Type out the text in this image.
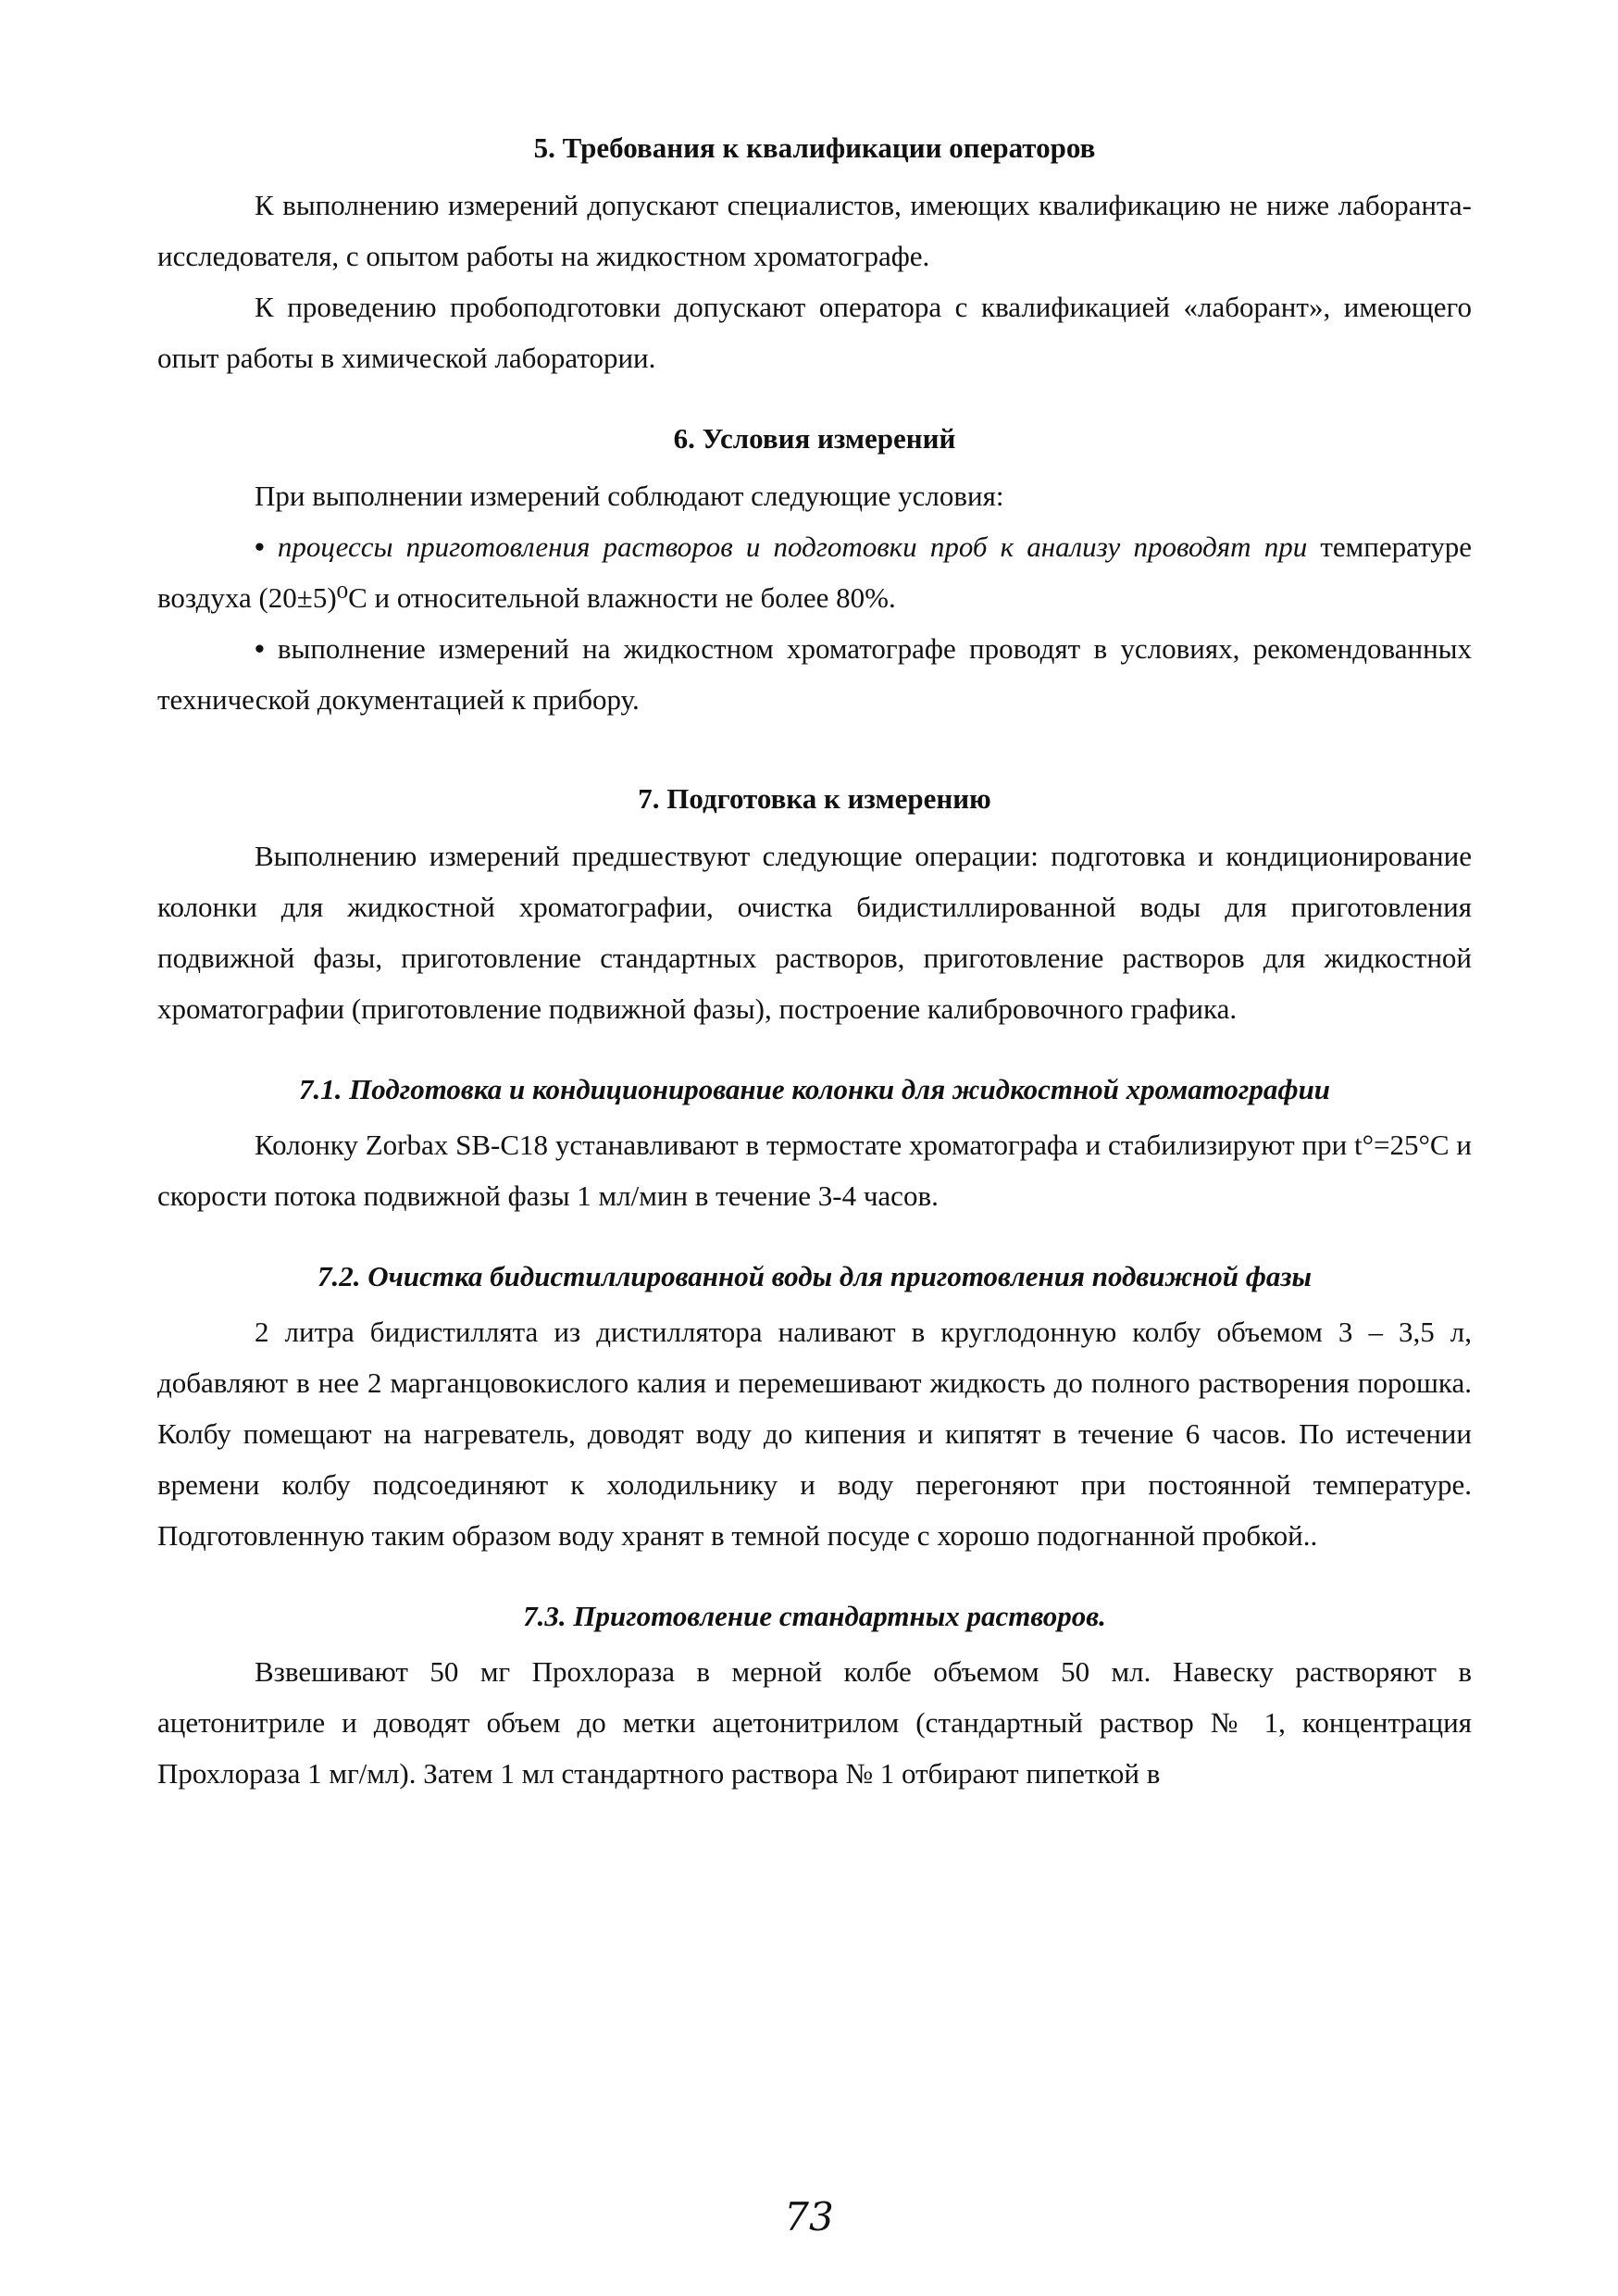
5. Требования к квалификации операторов

К выполнению измерений допускают специалистов, имеющих квалификацию не ниже лаборанта-исследователя, с опытом работы на жидкостном хроматографе.

К проведению пробоподготовки допускают оператора с квалификацией «лаборант», имеющего опыт работы в химической лаборатории.

6. Условия измерений

При выполнении измерений соблюдают следующие условия:

• процессы приготовления растворов и подготовки проб к анализу проводят при температуре воздуха (20±5)⁰С и относительной влажности не более 80%.

• выполнение измерений на жидкостном хроматографе проводят в условиях, рекомендованных технической документацией к прибору.

7. Подготовка к измерению

Выполнению измерений предшествуют следующие операции: подготовка и кондиционирование колонки для жидкостной хроматографии, очистка бидистиллированной воды для приготовления подвижной фазы, приготовление стандартных растворов, приготовление растворов для жидкостной хроматографии (приготовление подвижной фазы), построение калибровочного графика.

7.1. Подготовка и кондиционирование колонки для жидкостной хроматографии

Колонку Zorbax SB-C18 устанавливают в термостате хроматографа и стабилизируют при t°=25°С и скорости потока подвижной фазы 1 мл/мин в течение 3-4 часов.

7.2. Очистка бидистиллированной воды для приготовления подвижной фазы

2 литра бидистиллята из дистиллятора наливают в круглодонную колбу объемом 3 – 3,5 л, добавляют в нее 2 марганцовокислого калия и перемешивают жидкость до полного растворения порошка. Колбу помещают на нагреватель, доводят воду до кипения и кипятят в течение 6 часов. По истечении времени колбу подсоединяют к холодильнику и воду перегоняют при постоянной температуре. Подготовленную таким образом воду хранят в темной посуде с хорошо подогнанной пробкой..

7.3. Приготовление стандартных растворов.

Взвешивают 50 мг Прохлораза в мерной колбе объемом 50 мл. Навеску растворяют в ацетонитриле и доводят объем до метки ацетонитрилом (стандартный раствор № 1, концентрация Прохлораза 1 мг/мл). Затем 1 мл стандартного раствора № 1 отбирают пипеткой в

73
